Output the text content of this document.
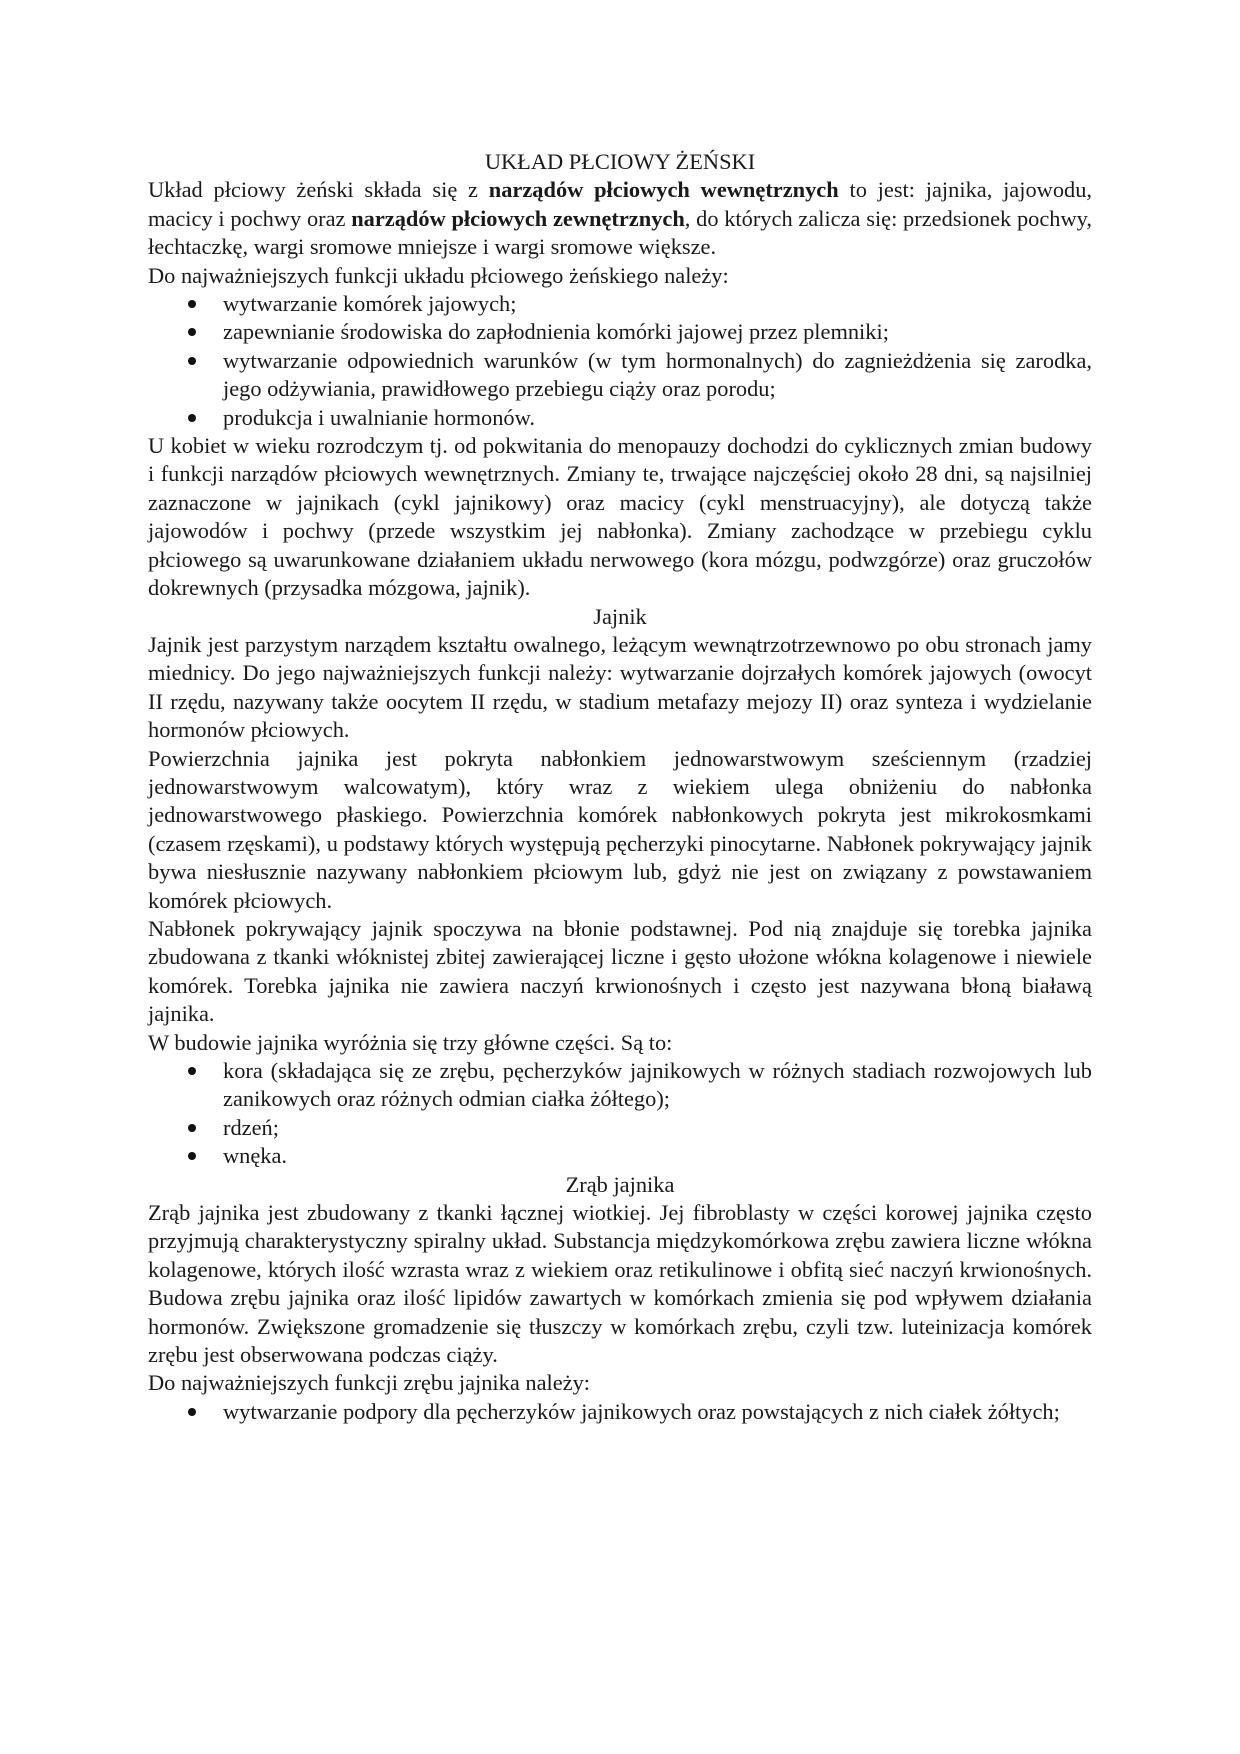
UKŁAD PŁCIOWY ŻEŃSKI

Układ płciowy żeński składa się z narządów płciowych wewnętrznych to jest: jajnika, jajowodu, macicy i pochwy oraz narządów płciowych zewnętrznych, do których zalicza się: przedsionek pochwy, łechtaczkę, wargi sromowe mniejsze i wargi sromowe większe.

Do najważniejszych funkcji układu płciowego żeńskiego należy:

wytwarzanie komórek jajowych;
zapewnianie środowiska do zapłodnienia komórki jajowej przez plemniki;
wytwarzanie odpowiednich warunków (w tym hormonalnych) do zagnieżdżenia się zarodka, jego odżywiania, prawidłowego przebiegu ciąży oraz porodu;
produkcja i uwalnianie hormonów.

U kobiet w wieku rozrodczym tj. od pokwitania do menopauzy dochodzi do cyklicznych zmian budowy i funkcji narządów płciowych wewnętrznych. Zmiany te, trwające najczęściej około 28 dni, są najsilniej zaznaczone w jajnikach (cykl jajnikowy) oraz macicy (cykl menstruacyjny), ale dotyczą także jajowodów i pochwy (przede wszystkim jej nabłonka). Zmiany zachodzące w przebiegu cyklu płciowego są uwarunkowane działaniem układu nerwowego (kora mózgu, podwzgórze) oraz gruczołów dokrewnych (przysadka mózgowa, jajnik).

Jajnik

Jajnik jest parzystym narządem kształtu owalnego, leżącym wewnątrzotrzewnowo po obu stronach jamy miednicy. Do jego najważniejszych funkcji należy: wytwarzanie dojrzałych komórek jajowych (owocyt II rzędu, nazywany także oocytem II rzędu, w stadium metafazy mejozy II) oraz synteza i wydzielanie hormonów płciowych.

Powierzchnia jajnika jest pokryta nabłonkiem jednowarstwowym sześciennym (rzadziej jednowarstwowym walcowatym), który wraz z wiekiem ulega obniżeniu do nabłonka jednowarstwowego płaskiego. Powierzchnia komórek nabłonkowych pokryta jest mikrokosmkami (czasem rzęskami), u podstawy których występują pęcherzyki pinocytarne. Nabłonek pokrywający jajnik bywa niesłusznie nazywany nabłonkiem płciowym lub, gdyż nie jest on związany z powstawaniem komórek płciowych.

Nabłonek pokrywający jajnik spoczywa na błonie podstawnej. Pod nią znajduje się torebka jajnika zbudowana z tkanki włóknistej zbitej zawierającej liczne i gęsto ułożone włókna kolagenowe i niewiele komórek. Torebka jajnika nie zawiera naczyń krwionośnych i często jest nazywana błoną białawą jajnika.

W budowie jajnika wyróżnia się trzy główne części. Są to:

kora (składająca się ze zrębu, pęcherzyków jajnikowych w różnych stadiach rozwojowych lub zanikowych oraz różnych odmian ciałka żółtego);
rdzeń;
wnęka.
Zrąb jajnika

Zrąb jajnika jest zbudowany z tkanki łącznej wiotkiej. Jej fibroblasty w części korowej jajnika często przyjmują charakterystyczny spiralny układ. Substancja międzykomórkowa zrębu zawiera liczne włókna kolagenowe, których ilość wzrasta wraz z wiekiem oraz retikulinowe i obfitą sieć naczyń krwionośnych. Budowa zrębu jajnika oraz ilość lipidów zawartych w komórkach zmienia się pod wpływem działania hormonów. Zwiększone gromadzenie się tłuszczy w komórkach zrębu, czyli tzw. luteinizacja komórek zrębu jest obserwowana podczas ciąży.

Do najważniejszych funkcji zrębu jajnika należy:

wytwarzanie podpory dla pęcherzyków jajnikowych oraz powstających z nich ciałek żółtych;
